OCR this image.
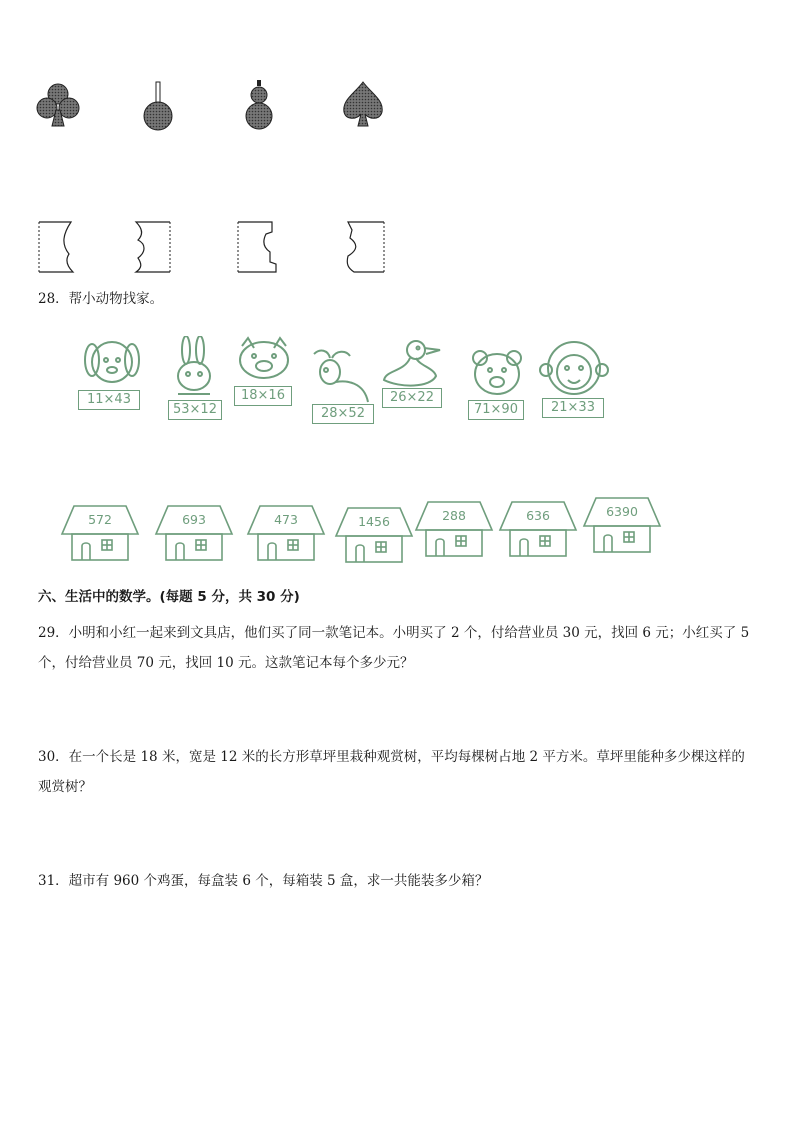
28．帮小动物找家。
11×43
53×12
18×16
28×52
26×22
71×90	21×33
572	693	473	1456	288	636	6390
六、生活中的数学。(每题 5 分，共 30 分)
29．小明和小红一起来到文具店，他们买了同一款笔记本。小明买了 2 个，付给营业员 30 元，找回 6 元；小红买了 5
个，付给营业员 70 元，找回 10 元。这款笔记本每个多少元？
30．在一个长是 18 米，宽是 12 米的长方形草坪里栽种观赏树，平均每棵树占地 2 平方米。草坪里能种多少棵这样的
观赏树？
31．超市有 960 个鸡蛋，每盒装 6 个，每箱装 5 盒，求一共能装多少箱？
